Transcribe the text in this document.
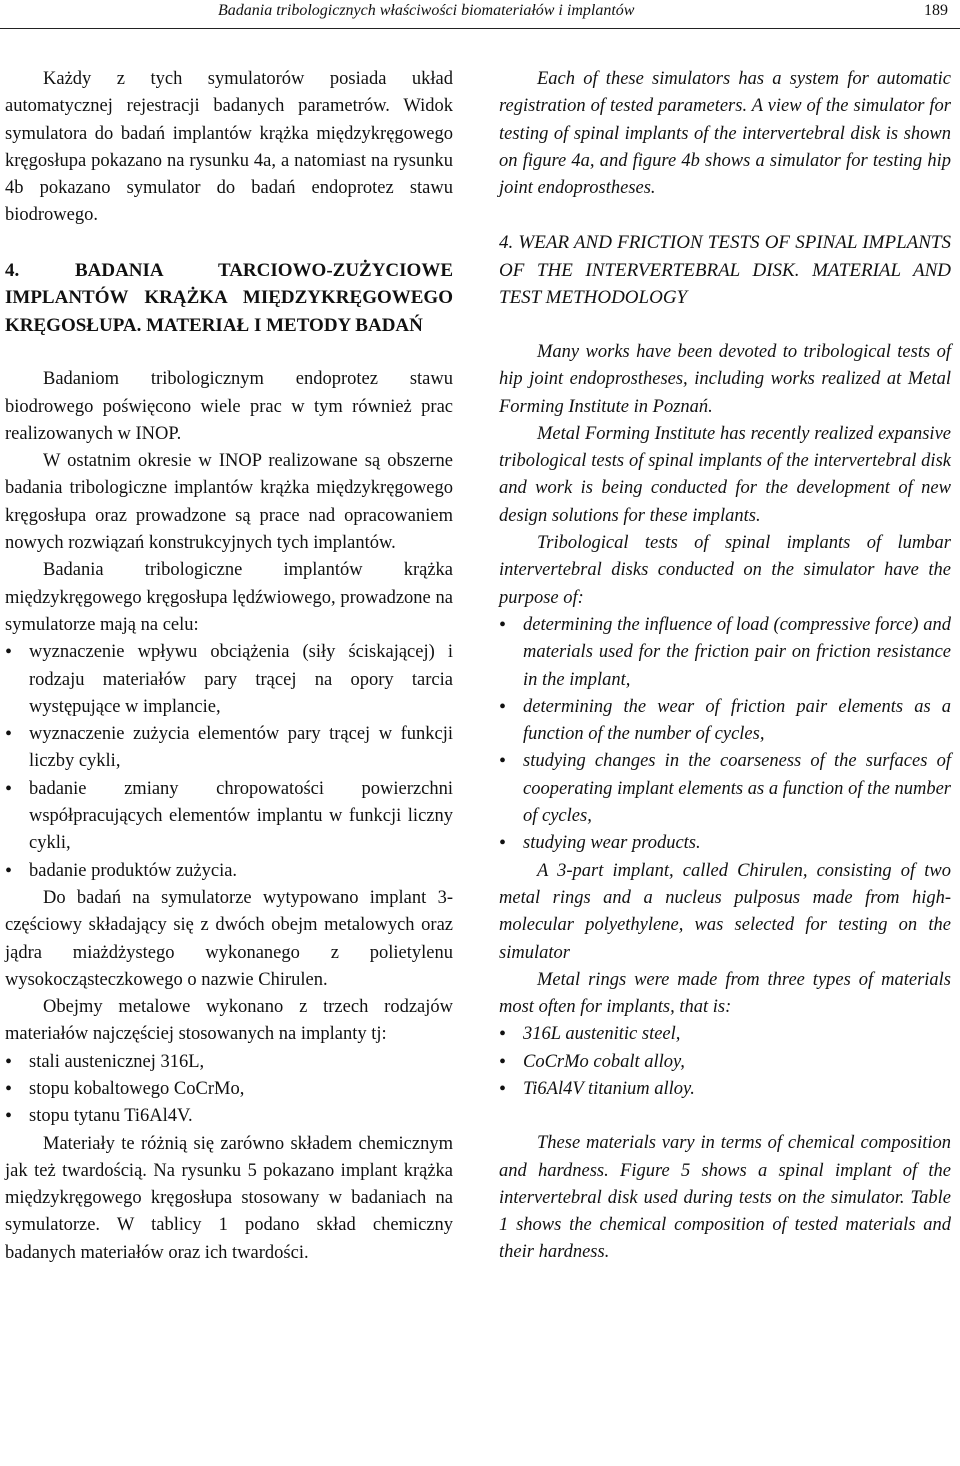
Badania tribologicznych właściwości biomateriałów i implantów	189

Każdy z tych symulatorów posiada układ automatycznej rejestracji badanych parametrów. Widok symulatora do badań implantów krążka międzykręgowego kręgosłupa pokazano na rysunku 4a, a natomiast na rysunku 4b pokazano symulator do badań endoprotez stawu biodrowego.

4. BADANIA TARCIOWO-ZUŻYCIOWE IMPLANTÓW KRĄŻKA MIĘDZYKRĘGOWEGO KRĘGOSŁUPA. MATERIAŁ I METODY BADAŃ

Badaniom tribologicznym endoprotez stawu biodrowego poświęcono wiele prac w tym również prac realizowanych w INOP.

W ostatnim okresie w INOP realizowane są obszerne badania tribologiczne implantów krążka międzykręgowego kręgosłupa oraz prowadzone są prace nad opracowaniem nowych rozwiązań konstrukcyjnych tych implantów.

Badania tribologiczne implantów krążka międzykręgowego kręgosłupa lędźwiowego, prowadzone na symulatorze mają na celu:

• wyznaczenie wpływu obciążenia (siły ściskającej) i rodzaju materiałów pary trącej na opory tarcia występujące w implancie,
• wyznaczenie zużycia elementów pary trącej w funkcji liczby cykli,
• badanie zmiany chropowatości powierzchni współpracujących elementów implantu w funkcji liczny cykli,
• badanie produktów zużycia.

Do badań na symulatorze wytypowano implant 3-częściowy składający się z dwóch obejm metalowych oraz jądra miażdżystego wykonanego z polietylenu wysokocząsteczkowego o nazwie Chirulen.

Obejmy metalowe wykonano z trzech rodzajów materiałów najczęściej stosowanych na implanty tj:

• stali austenicznej 316L,
• stopu kobaltowego CoCrMo,
• stopu tytanu Ti6Al4V.

Materiały te różnią się zarówno składem chemicznym jak też twardością. Na rysunku 5 pokazano implant krążka międzykręgowego kręgosłupa stosowany w badaniach na symulatorze. W tablicy 1 podano skład chemiczny badanych materiałów oraz ich twardości.

Each of these simulators has a system for automatic registration of tested parameters. A view of the simulator for testing of spinal implants of the intervertebral disk is shown on figure 4a, and figure 4b shows a simulator for testing hip joint endoprostheses.

4. WEAR AND FRICTION TESTS OF SPINAL IMPLANTS OF THE INTERVERTEBRAL DISK. MATERIAL AND TEST METHODOLOGY

Many works have been devoted to tribological tests of hip joint endoprostheses, including works realized at Metal Forming Institute in Poznań.

Metal Forming Institute has recently realized expansive tribological tests of spinal implants of the intervertebral disk and work is being conducted for the development of new design solutions for these implants.

Tribological tests of spinal implants of lumbar intervertebral disks conducted on the simulator have the purpose of:

• determining the influence of load (compressive force) and materials used for the friction pair on friction resistance in the implant,
• determining the wear of friction pair elements as a function of the number of cycles,
• studying changes in the coarseness of the surfaces of cooperating implant elements as a function of the number of cycles,
• studying wear products.

A 3-part implant, called Chirulen, consisting of two metal rings and a nucleus pulposus made from high-molecular polyethylene, was selected for testing on the simulator

Metal rings were made from three types of materials most often for implants, that is:

• 316L austenitic steel,
• CoCrMo cobalt alloy,
• Ti6Al4V titanium alloy.

These materials vary in terms of chemical composition and hardness. Figure 5 shows a spinal implant of the intervertebral disk used during tests on the simulator. Table 1 shows the chemical composition of tested materials and their hardness.
